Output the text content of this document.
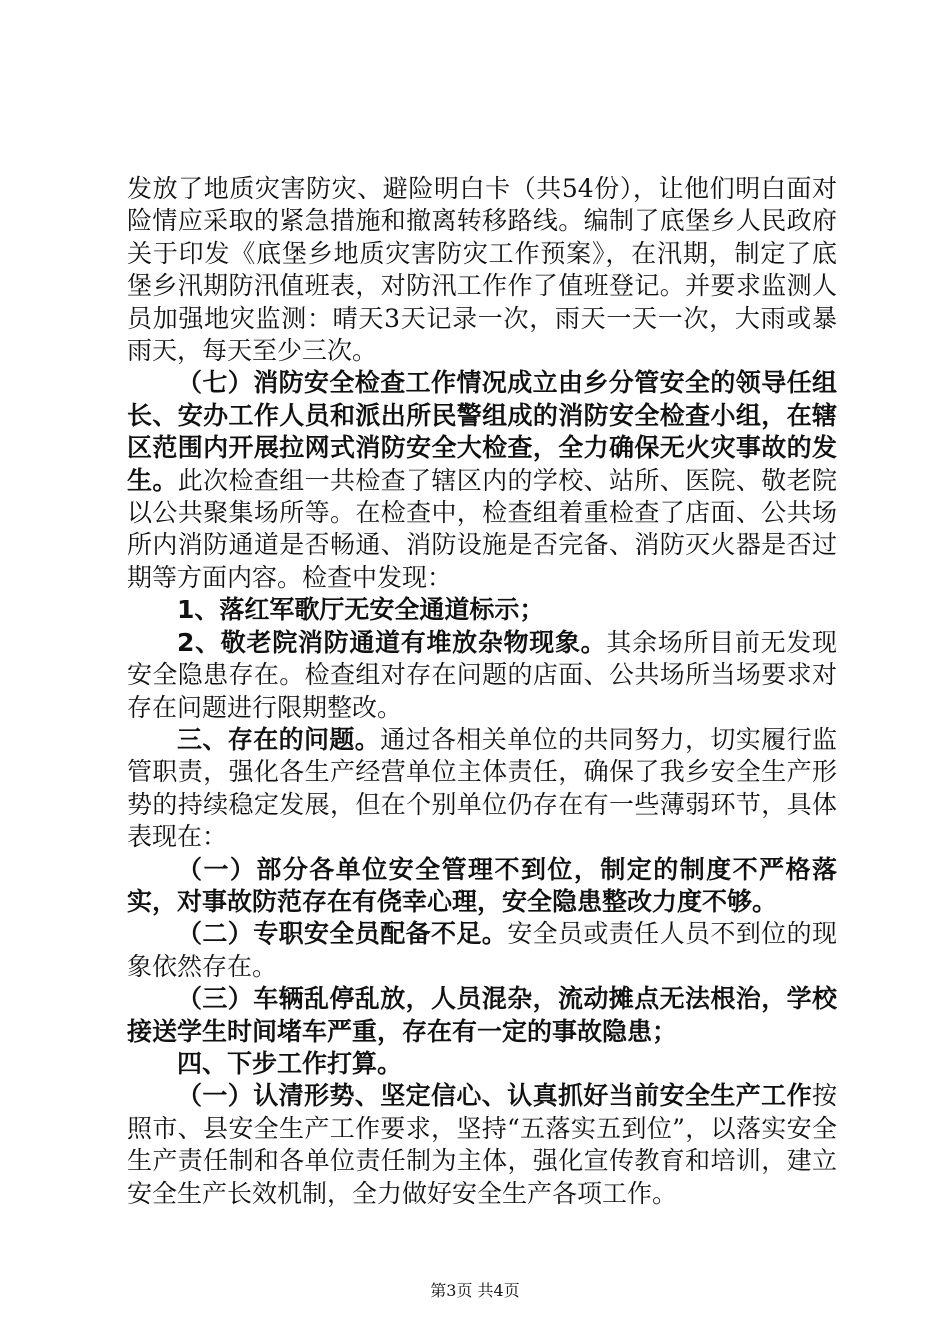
发放了地质灾害防灾、避险明白卡（共54份），让他们明白面对险情应采取的紧急措施和撤离转移路线。编制了底堡乡人民政府关于印发《底堡乡地质灾害防灾工作预案》，在汛期，制定了底堡乡汛期防汛值班表，对防汛工作作了值班登记。并要求监测人员加强地灾监测：晴天3天记录一次，雨天一天一次，大雨或暴雨天，每天至少三次。

（七）消防安全检查工作情况成立由乡分管安全的领导任组长、安办工作人员和派出所民警组成的消防安全检查小组，在辖区范围内开展拉网式消防安全大检查，全力确保无火灾事故的发生。此次检查组一共检查了辖区内的学校、站所、医院、敬老院以公共聚集场所等。在检查中，检查组着重检查了店面、公共场所内消防通道是否畅通、消防设施是否完备、消防灭火器是否过期等方面内容。检查中发现：

1、落红军歌厅无安全通道标示；

2、敬老院消防通道有堆放杂物现象。其余场所目前无发现安全隐患存在。检查组对存在问题的店面、公共场所当场要求对存在问题进行限期整改。

三、存在的问题。通过各相关单位的共同努力，切实履行监管职责，强化各生产经营单位主体责任，确保了我乡安全生产形势的持续稳定发展，但在个别单位仍存在有一些薄弱环节，具体表现在：

（一）部分各单位安全管理不到位，制定的制度不严格落实，对事故防范存在有侥幸心理，安全隐患整改力度不够。

（二）专职安全员配备不足。安全员或责任人员不到位的现象依然存在。

（三）车辆乱停乱放，人员混杂，流动摊点无法根治，学校接送学生时间堵车严重，存在有一定的事故隐患；

四、下步工作打算。

（一）认清形势、坚定信心、认真抓好当前安全生产工作按照市、县安全生产工作要求，坚持“五落实五到位”，以落实安全生产责任制和各单位责任制为主体，强化宣传教育和培训，建立安全生产长效机制，全力做好安全生产各项工作。

第3页 共4页
